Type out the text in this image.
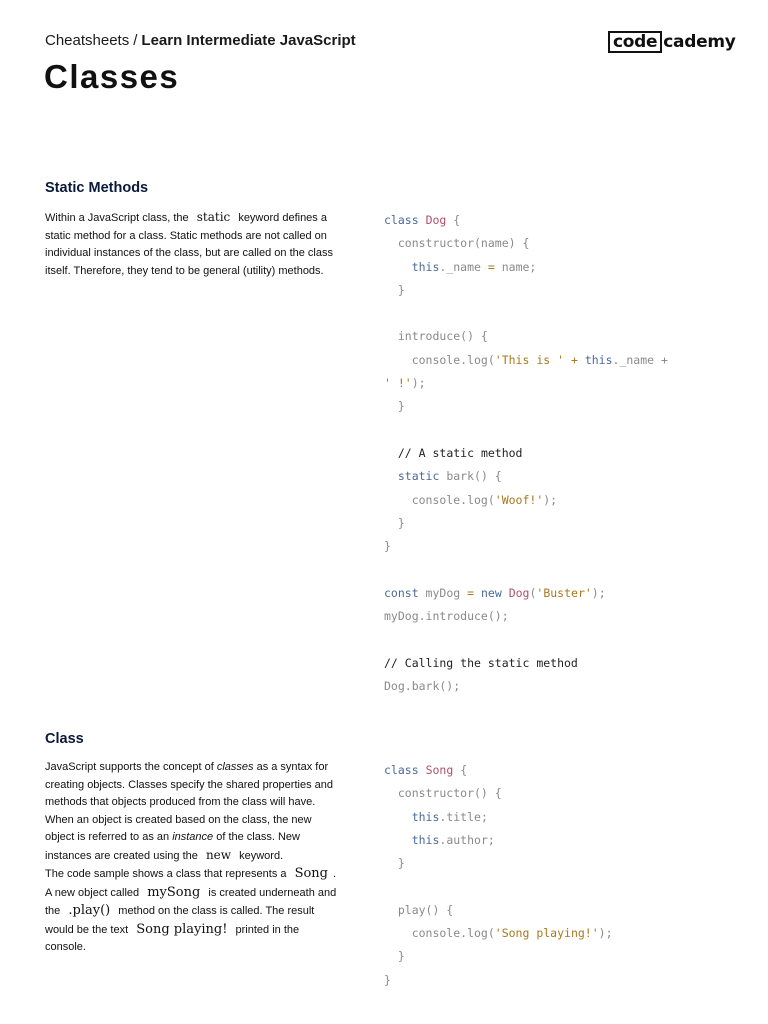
Cheatsheets / Learn Intermediate JavaScript	code cademy
Classes
Static Methods

Within a JavaScript class, the static keyword defines a static method for a class. Static methods are not called on individual instances of the class, but are called on the class itself. Therefore, they tend to be general (utility) methods.

class Dog {
constructor(name) {
this._name = name;
}

introduce() {
console.log('This is ' + this._name +
' !');
}

// A static method
static bark() {
console.log('Woof!');
}
}

const myDog = new Dog('Buster');
myDog.introduce();

// Calling the static method
Dog.bark();
Class

JavaScript supports the concept of classes as a syntax for creating objects. Classes specify the shared properties and methods that objects produced from the class will have.

When an object is created based on the class, the new object is referred to as an instance of the class. New instances are created using the new keyword.

The code sample shows a class that represents a Song . A new object called mySong is created underneath and the .play() method on the class is called. The result would be the text Song playing! printed in the console.

class Song {
constructor() {
this.title;
this.author;
}

play() {
console.log('Song playing!');
}
}
